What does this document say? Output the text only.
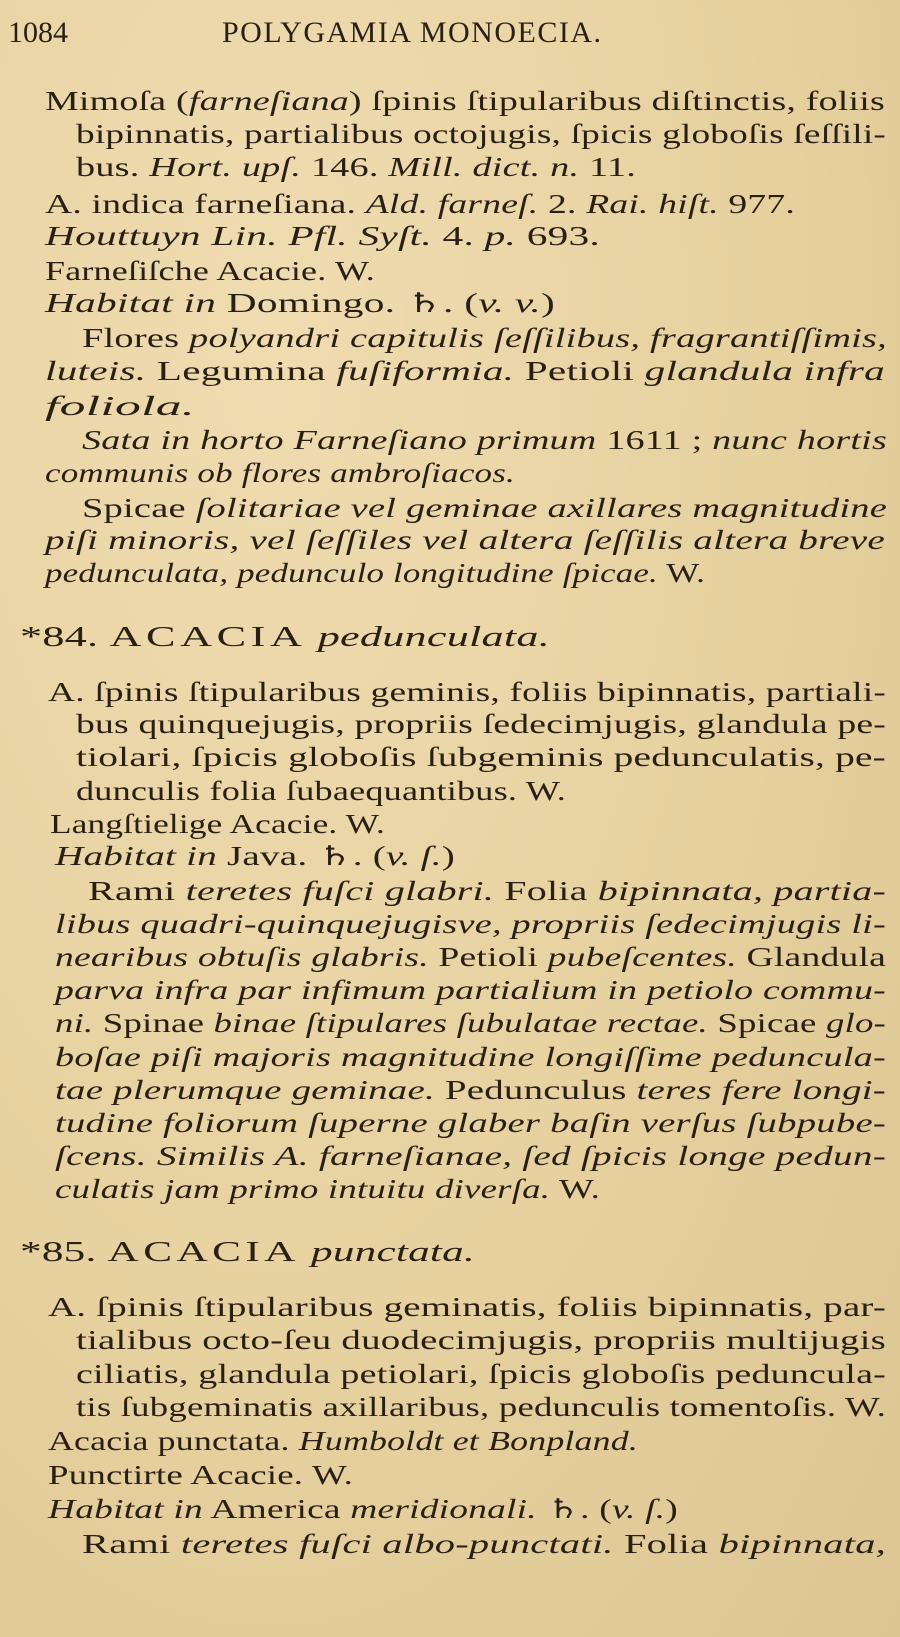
1084	POLYGAMIA MONOECIA.
Mimoſa (farneſiana) ſpinis ſtipularibus diſtinctis, foliis
bipinnatis, partialibus octojugis, ſpicis globoſis ſeſſili-
bus. Hort. upſ. 146. Mill. dict. n. 11.
A. indica farneſiana. Ald. farneſ. 2. Rai. hiſt. 977.
Houttuyn Lin. Pfl. Syſt. 4. p. 693.
Farneſiſche Acacie. W.
Habitat in Domingo. ♄. (v. v.)
Flores polyandri capitulis ſeſſilibus, fragrantiſſimis,
luteis. Legumina fuſiformia. Petioli glandula infra
foliola.
Sata in horto Farneſiano primum 1611 ; nunc hortis
communis ob flores ambroſiacos.
Spicae ſolitariae vel geminae axillares magnitudine
piſi minoris, vel ſeſſiles vel altera ſeſſilis altera breve
pedunculata, pedunculo longitudine ſpicae. W.
*84. ACACIA pedunculata.
A. ſpinis ſtipularibus geminis, foliis bipinnatis, partiali-
bus quinquejugis, propriis ſedecimjugis, glandula pe-
tiolari, ſpicis globoſis ſubgeminis pedunculatis, pe-
dunculis folia ſubaequantibus. W.
Langſtielige Acacie. W.
Habitat in Java. ♄. (v. ſ.)
Rami teretes fuſci glabri. Folia bipinnata, partia-
libus quadri-quinquejugisve, propriis ſedecimjugis li-
nearibus obtuſis glabris. Petioli pubeſcentes. Glandula
parva infra par infimum partialium in petiolo commu-
ni. Spinae binae ſtipulares ſubulatae rectae. Spicae glo-
boſae piſi majoris magnitudine longiſſime peduncula-
tae plerumque geminae. Pedunculus teres fere longi-
tudine foliorum ſuperne glaber baſin verſus ſubpube-
ſcens. Similis A. farneſianae, ſed ſpicis longe pedun-
culatis jam primo intuitu diverſa. W.
*85. ACACIA punctata.
A. ſpinis ſtipularibus geminatis, foliis bipinnatis, par-
tialibus octo-ſeu duodecimjugis, propriis multijugis
ciliatis, glandula petiolari, ſpicis globoſis peduncula-
tis ſubgeminatis axillaribus, pedunculis tomentoſis. W.
Acacia punctata. Humboldt et Bonpland.
Punctirte Acacie. W.
Habitat in America meridionali. ♄. (v. ſ.)
Rami teretes fuſci albo-punctati. Folia bipinnata,
